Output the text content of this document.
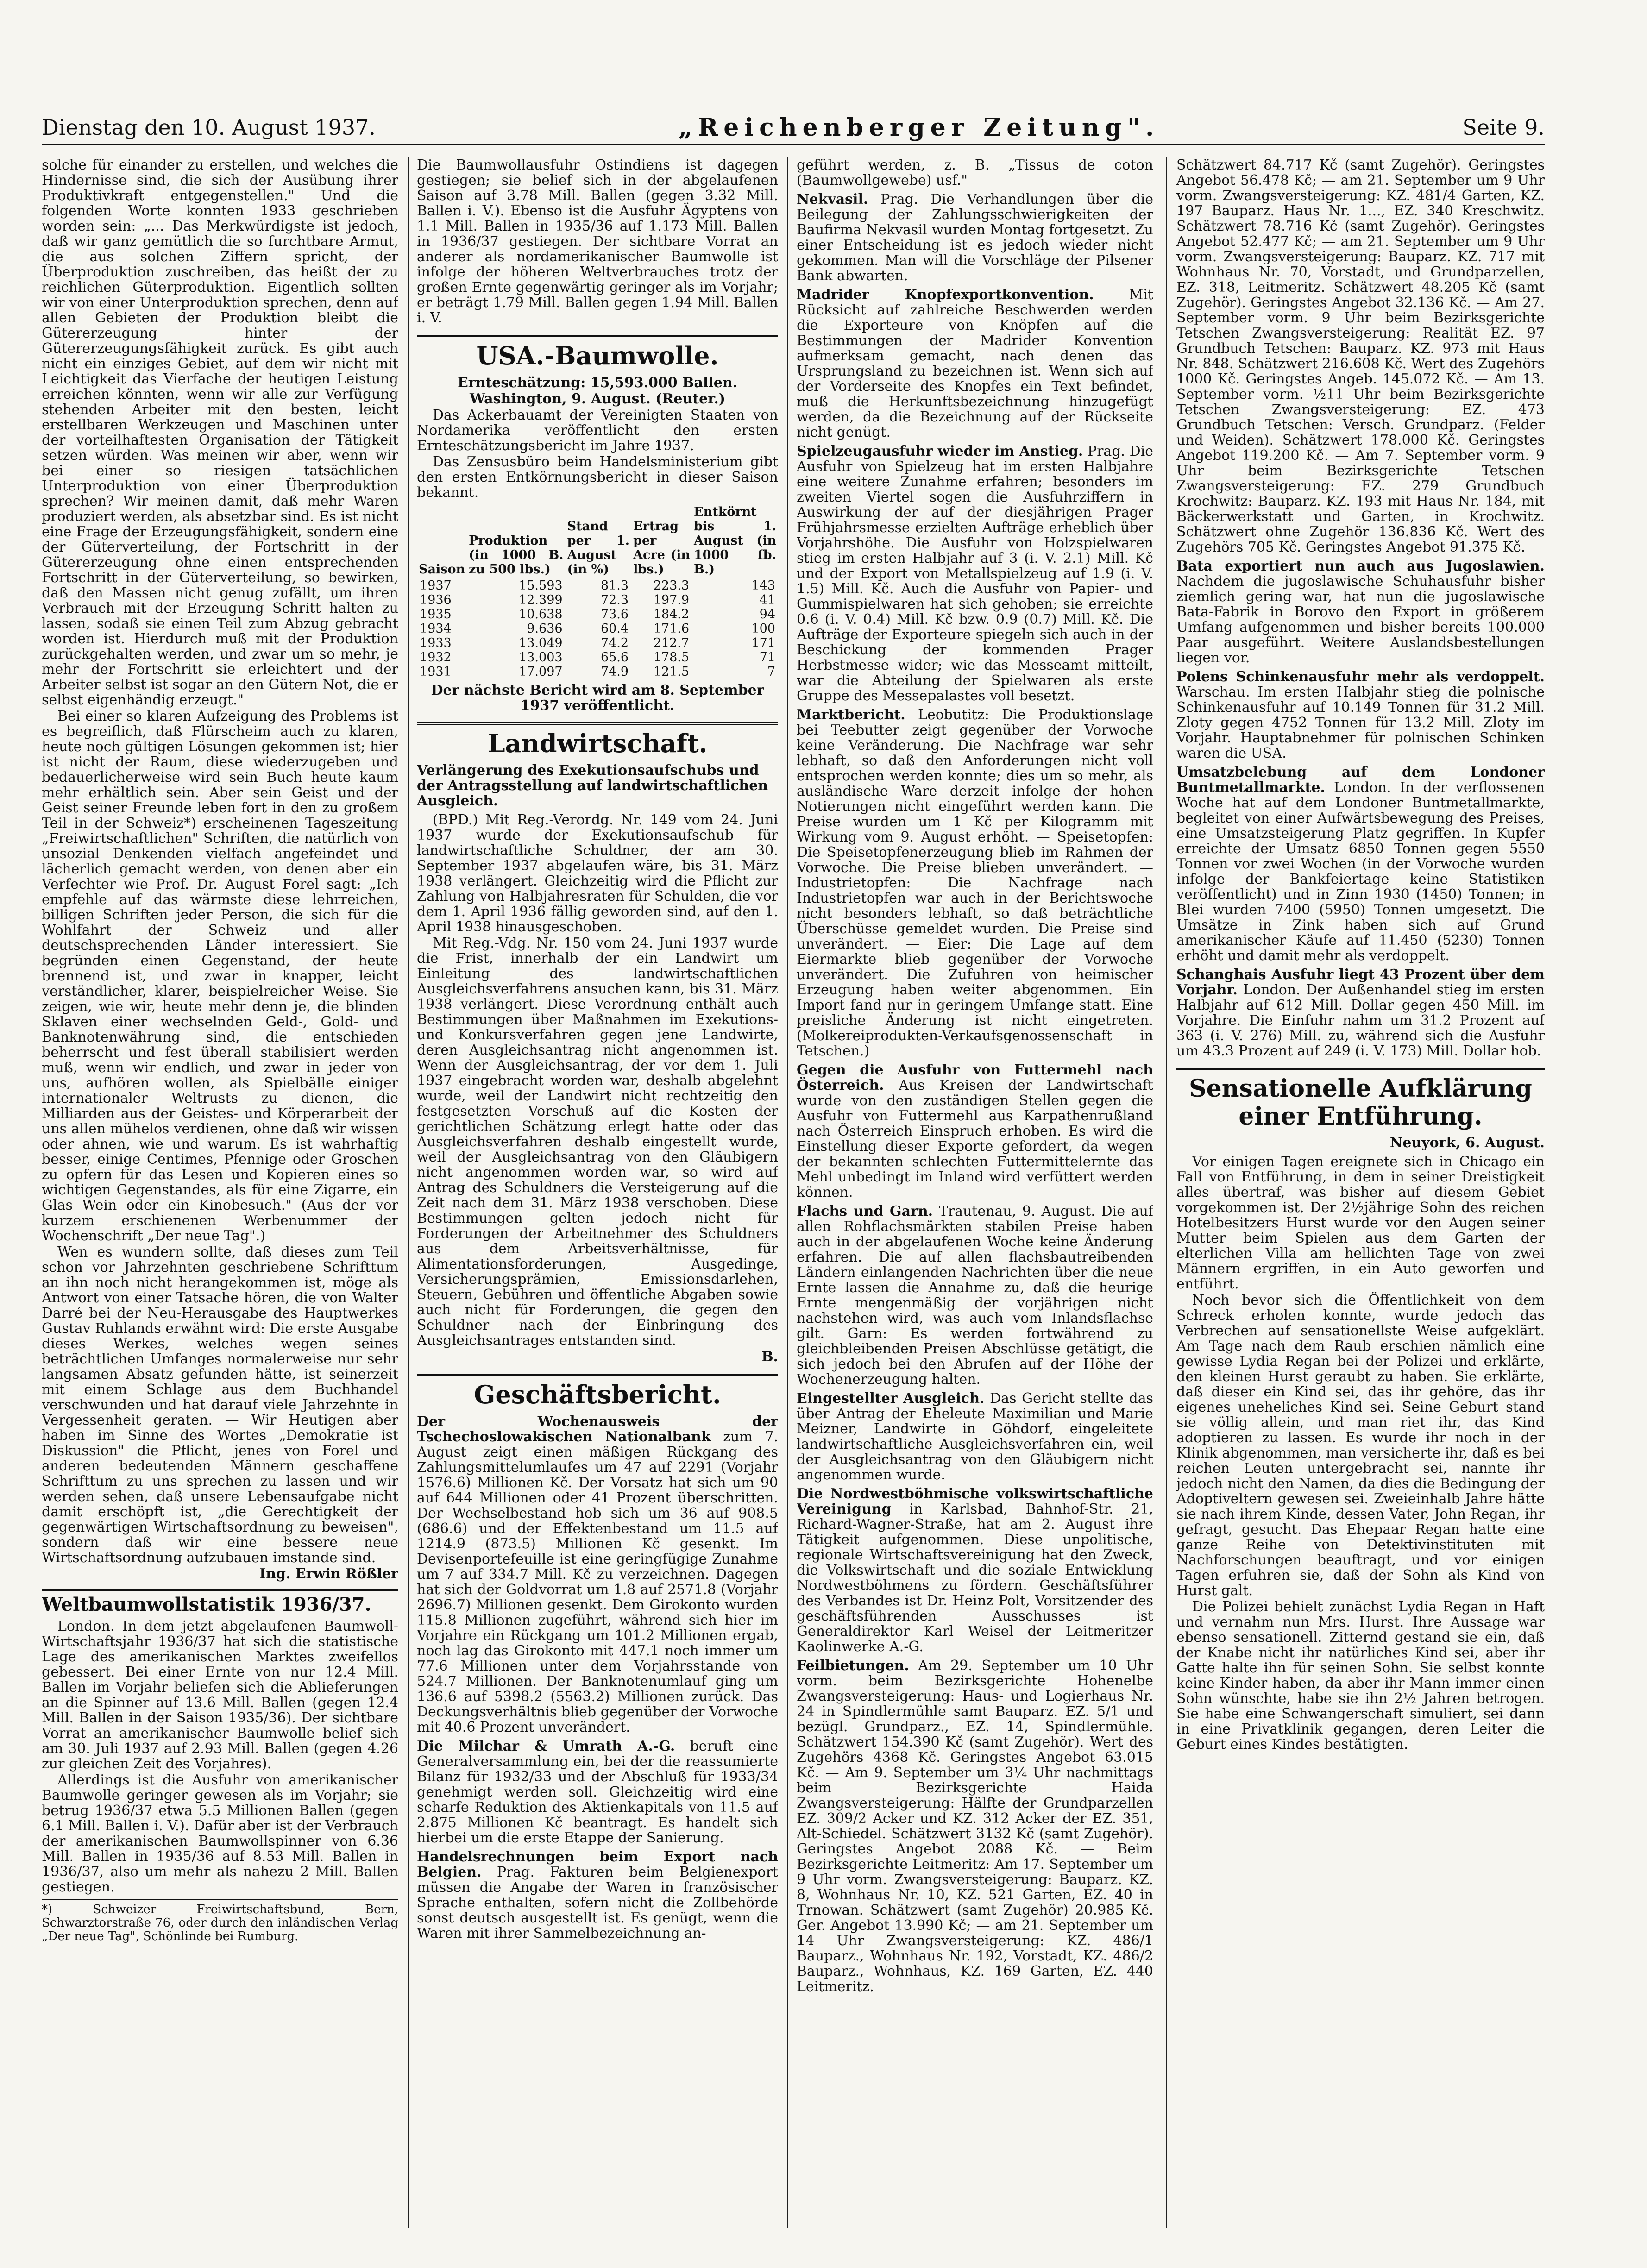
Dienstag den 10. August 1937.	„Reichenberger Zeitung".	Seite 9.

solche für einander zu erstellen, und welches die Hindernisse sind, die sich der Ausübung ihrer Produktivkraft entgegenstellen." Und die folgenden Worte konnten 1933 geschrieben worden sein: „... Das Merkwürdigste ist jedoch, daß wir ganz gemütlich die so furchtbare Armut, die aus solchen Ziffern spricht, der Überproduktion zuschreiben, das heißt der zu reichlichen Güterproduktion. Eigentlich sollten wir von einer Unterproduktion sprechen, denn auf allen Gebieten der Produktion bleibt die Gütererzeugung hinter der Gütererzeugungsfähigkeit zurück. Es gibt auch nicht ein einziges Gebiet, auf dem wir nicht mit Leichtigkeit das Vierfache der heutigen Leistung erreichen könnten, wenn wir alle zur Verfügung stehenden Arbeiter mit den besten, leicht erstellbaren Werkzeugen und Maschinen unter der vorteilhaftesten Organisation der Tätigkeit setzen würden. Was meinen wir aber, wenn wir bei einer so riesigen tatsächlichen Unterproduktion von einer Überproduktion sprechen? Wir meinen damit, daß mehr Waren produziert werden, als absetzbar sind. Es ist nicht eine Frage der Erzeugungsfähigkeit, sondern eine der Güterverteilung, der Fortschritt in der Gütererzeugung ohne einen entsprechenden Fortschritt in der Güterverteilung, so bewirken, daß den Massen nicht genug zufällt, um ihren Verbrauch mit der Erzeugung Schritt halten zu lassen, sodaß sie einen Teil zum Abzug gebracht worden ist. Hierdurch muß mit der Produktion zurückgehalten werden, und zwar um so mehr, je mehr der Fortschritt sie erleichtert und der Arbeiter selbst ist sogar an den Gütern Not, die er selbst eigenhändig erzeugt."

Bei einer so klaren Aufzeigung des Problems ist es begreiflich, daß Flürscheim auch zu klaren, heute noch gültigen Lösungen gekommen ist; hier ist nicht der Raum, diese wiederzugeben und bedauerlicherweise wird sein Buch heute kaum mehr erhältlich sein. Aber sein Geist und der Geist seiner Freunde leben fort in den zu großem Teil in der Schweiz*) erscheinenen Tageszeitung „Freiwirtschaftlichen" Schriften, die natürlich von unsozial Denkenden vielfach angefeindet und lächerlich gemacht werden, von denen aber ein Verfechter wie Prof. Dr. August Forel sagt: „Ich empfehle auf das wärmste diese lehrreichen, billigen Schriften jeder Person, die sich für die Wohlfahrt der Schweiz und aller deutschsprechenden Länder interessiert. Sie begründen einen Gegenstand, der heute brennend ist, und zwar in knapper, leicht verständlicher, klarer, beispielreicher Weise. Sie zeigen, wie wir, heute mehr denn je, die blinden Sklaven einer wechselnden Geld-, Gold- und Banknotenwährung sind, die entschieden beherrscht und fest überall stabilisiert werden muß, wenn wir endlich, und zwar in jeder von uns, aufhören wollen, als Spielbälle einiger internationaler Weltrusts zu dienen, die Milliarden aus der Geistes- und Körperarbeit der uns allen mühelos verdienen, ohne daß wir wissen oder ahnen, wie und warum. Es ist wahrhaftig besser, einige Centimes, Pfennige oder Groschen zu opfern für das Lesen und Kopieren eines so wichtigen Gegenstandes, als für eine Zigarre, ein Glas Wein oder ein Kinobesuch." (Aus der vor kurzem erschienenen Werbenummer der Wochenschrift „Der neue Tag".)

Wen es wundern sollte, daß dieses zum Teil schon vor Jahrzehnten geschriebene Schrifttum an ihn noch nicht herangekommen ist, möge als Antwort von einer Tatsache hören, die von Walter Darré bei der Neu-Herausgabe des Hauptwerkes Gustav Ruhlands erwähnt wird: Die erste Ausgabe dieses Werkes, welches wegen seines beträchtlichen Umfanges normalerweise nur sehr langsamen Absatz gefunden hätte, ist seinerzeit mit einem Schlage aus dem Buchhandel verschwunden und hat darauf viele Jahrzehnte in Vergessenheit geraten. — Wir Heutigen aber haben im Sinne des Wortes „Demokratie ist Diskussion" die Pflicht, jenes von Forel und anderen bedeutenden Männern geschaffene Schrifttum zu uns sprechen zu lassen und wir werden sehen, daß unsere Lebensaufgabe nicht damit erschöpft ist, „die Gerechtigkeit der gegenwärtigen Wirtschaftsordnung zu beweisen", sondern daß wir eine bessere neue Wirtschaftsordnung aufzubauen imstande sind.

Ing. Erwin Rößler

Weltbaumwollstatistik 1936/37.

London. In dem jetzt abgelaufenen Baumwoll-Wirtschaftsjahr 1936/37 hat sich die statistische Lage des amerikanischen Marktes zweifellos gebessert. Bei einer Ernte von nur 12.4 Mill. Ballen im Vorjahr beliefen sich die Ablieferungen an die Spinner auf 13.6 Mill. Ballen (gegen 12.4 Mill. Ballen in der Saison 1935/36). Der sichtbare Vorrat an amerikanischer Baumwolle belief sich am 30. Juli 1937 auf 2.93 Mill. Ballen (gegen 4.26 zur gleichen Zeit des Vorjahres).

Allerdings ist die Ausfuhr von amerikanischer Baumwolle geringer gewesen als im Vorjahr; sie betrug 1936/37 etwa 5.5 Millionen Ballen (gegen 6.1 Mill. Ballen i. V.). Dafür aber ist der Verbrauch der amerikanischen Baumwollspinner von 6.36 Mill. Ballen in 1935/36 auf 8.53 Mill. Ballen in 1936/37, also um mehr als nahezu 2 Mill. Ballen gestiegen.

*) Schweizer Freiwirtschaftsbund, Bern, Schwarztorstraße 76, oder durch den inländischen Verlag „Der neue Tag", Schönlinde bei Rumburg.

Die Baumwollausfuhr Ostindiens ist dagegen gestiegen; sie belief sich in der abgelaufenen Saison auf 3.78 Mill. Ballen (gegen 3.32 Mill. Ballen i. V.). Ebenso ist die Ausfuhr Ägyptens von 1.1 Mill. Ballen in 1935/36 auf 1.173 Mill. Ballen in 1936/37 gestiegen. Der sichtbare Vorrat an anderer als nordamerikanischer Baumwolle ist infolge der höheren Weltverbrauches trotz der großen Ernte gegenwärtig geringer als im Vorjahr; er beträgt 1.79 Mill. Ballen gegen 1.94 Mill. Ballen i. V.

USA.-Baumwolle.

Ernteschätzung: 15,593.000 Ballen.

Washington, 9. August. (Reuter.)

Das Ackerbauamt der Vereinigten Staaten von Nordamerika veröffentlicht den ersten Ernteschätzungsbericht im Jahre 1937.

Das Zensusbüro beim Handelsministerium gibt den ersten Entkörnungsbericht in dieser Saison bekannt.

Saison	Produktion (in 1000 B. zu 500 lbs.)	Stand per 1. August (in %)	Ertrag per Acre (in lbs.)	Entkörnt bis 1. August (in 1000 fb. B.)
1937	15.593	81.3	223.3	143
1936	12.399	72.3	197.9	41
1935	10.638	73.6	184.2	94
1934	9.636	60.4	171.6	100
1933	13.049	74.2	212.7	171
1932	13.003	65.6	178.5	71
1931	17.097	74.9	121.5	7

Der nächste Bericht wird am 8. September 1937 veröffentlicht.

Landwirtschaft.

Verlängerung des Exekutionsaufschubs und der Antragsstellung auf landwirtschaftlichen Ausgleich.

(BPD.) Mit Reg.-Verordg. Nr. 149 vom 24. Juni 1937 wurde der Exekutionsaufschub für landwirtschaftliche Schuldner, der am 30. September 1937 abgelaufen wäre, bis 31. März 1938 verlängert. Gleichzeitig wird die Pflicht zur Zahlung von Halbjahresraten für Schulden, die vor dem 1. April 1936 fällig geworden sind, auf den 1. April 1938 hinausgeschoben.

Mit Reg.-Vdg. Nr. 150 vom 24. Juni 1937 wurde die Frist, innerhalb der ein Landwirt um Einleitung des landwirtschaftlichen Ausgleichsverfahrens ansuchen kann, bis 31. März 1938 verlängert. Diese Verordnung enthält auch Bestimmungen über Maßnahmen im Exekutions- und Konkursverfahren gegen jene Landwirte, deren Ausgleichsantrag nicht angenommen ist. Wenn der Ausgleichsantrag, der vor dem 1. Juli 1937 eingebracht worden war, deshalb abgelehnt wurde, weil der Landwirt nicht rechtzeitig den festgesetzten Vorschuß auf die Kosten der gerichtlichen Schätzung erlegt hatte oder das Ausgleichsverfahren deshalb eingestellt wurde, weil der Ausgleichsantrag von den Gläubigern nicht angenommen worden war, so wird auf Antrag des Schuldners die Versteigerung auf die Zeit nach dem 31. März 1938 verschoben. Diese Bestimmungen gelten jedoch nicht für Forderungen der Arbeitnehmer des Schuldners aus dem Arbeitsverhältnisse, für Alimentationsforderungen, Ausgedinge, Versicherungsprämien, Emissionsdarlehen, Steuern, Gebühren und öffentliche Abgaben sowie auch nicht für Forderungen, die gegen den Schuldner nach der Einbringung des Ausgleichsantrages entstanden sind.

B.

Geschäftsbericht.

Der Wochenausweis der Tschechoslowakischen Nationalbank zum 7. August zeigt einen mäßigen Rückgang des Zahlungsmittelumlaufes um 47 auf 2291 (Vorjahr 1576.6) Millionen Kč. Der Vorsatz hat sich um 90 auf 644 Millionen oder 41 Prozent überschritten. Der Wechselbestand hob sich um 36 auf 908.5 (686.6) und der Effektenbestand um 11.5 auf 1214.9 (873.5) Millionen Kč gesenkt. Im Devisenportefeuille ist eine geringfügige Zunahme um 7 auf 334.7 Mill. Kč zu verzeichnen. Dagegen hat sich der Goldvorrat um 1.8 auf 2571.8 (Vorjahr 2696.7) Millionen gesenkt. Dem Girokonto wurden 115.8 Millionen zugeführt, während sich hier im Vorjahre ein Rückgang um 101.2 Millionen ergab, noch lag das Girokonto mit 447.1 noch immer um 77.6 Millionen unter dem Vorjahrsstande von 524.7 Millionen. Der Banknotenumlauf ging um 136.6 auf 5398.2 (5563.2) Millionen zurück. Das Deckungsverhältnis blieb gegenüber der Vorwoche mit 40.6 Prozent unverändert.

Die Milchar & Umrath A.-G. beruft eine Generalversammlung ein, bei der die reassumierte Bilanz für 1932/33 und der Abschluß für 1933/34 genehmigt werden soll. Gleichzeitig wird eine scharfe Reduktion des Aktienkapitals von 11.5 auf 2.875 Millionen Kč beantragt. Es handelt sich hierbei um die erste Etappe der Sanierung.

Handelsrechnungen beim Export nach Belgien. Prag. Fakturen beim Belgienexport müssen die Angabe der Waren in französischer Sprache enthalten, sofern nicht die Zollbehörde sonst deutsch ausgestellt ist. Es genügt, wenn die Waren mit ihrer Sammelbezeichnung an-

geführt werden, z. B. „Tissus de coton (Baumwollgewebe) usf."

Nekvasil. Prag. Die Verhandlungen über die Beilegung der Zahlungsschwierigkeiten der Baufirma Nekvasil wurden Montag fortgesetzt. Zu einer Entscheidung ist es jedoch wieder nicht gekommen. Man will die Vorschläge der Pilsener Bank abwarten.

Madrider Knopfexportkonvention.	Mit Rücksicht auf zahlreiche Beschwerden werden die Exporteure von Knöpfen auf die Bestimmungen der Madrider Konvention aufmerksam gemacht, nach denen das Ursprungsland zu bezeichnen ist. Wenn sich auf der Vorderseite des Knopfes ein Text befindet, muß die Herkunftsbezeichnung hinzugefügt werden, da die Bezeichnung auf der Rückseite nicht genügt.

Spielzeugausfuhr wieder im Anstieg. Prag. Die Ausfuhr von Spielzeug hat im ersten Halbjahre eine weitere Zunahme erfahren; besonders im zweiten Viertel sogen die Ausfuhrziffern in Auswirkung der auf der diesjährigen Prager Frühjahrsmesse erzielten Aufträge erheblich über Vorjahrshöhe. Die Ausfuhr von Holzspielwaren stieg im ersten Halbjahr auf 3 (i. V. 2.1) Mill. Kč und der Export von Metallspielzeug auf 1.9 (i. V. 1.5) Mill. Kč. Auch die Ausfuhr von Papier- und Gummispielwaren hat sich gehoben; sie erreichte 0.6 (i. V. 0.4) Mill. Kč bzw. 0.9 (0.7) Mill. Kč. Die Aufträge der Exporteure spiegeln sich auch in der Beschickung der kommenden Prager Herbstmesse wider; wie das Messeamt mitteilt, war die Abteilung der Spielwaren als erste Gruppe des Messepalastes voll besetzt.

Marktbericht. Leobutitz: Die Produktionslage bei Teebutter zeigt gegenüber der Vorwoche keine Veränderung. Die Nachfrage war sehr lebhaft, so daß den Anforderungen nicht voll entsprochen werden konnte; dies um so mehr, als ausländische Ware derzeit infolge der hohen Notierungen nicht eingeführt werden kann. Die Preise wurden um 1 Kč per Kilogramm mit Wirkung vom 9. August erhöht. — Speisetopfen: Die Speisetopfenerzeugung blieb im Rahmen der Vorwoche. Die Preise blieben unverändert. — Industrietopfen: Die Nachfrage nach Industrietopfen war auch in der Berichtswoche nicht besonders lebhaft, so daß beträchtliche Überschüsse gemeldet wurden. Die Preise sind unverändert. — Eier: Die Lage auf dem Eiermarkte blieb gegenüber der Vorwoche unverändert. Die Zufuhren von heimischer Erzeugung haben weiter abgenommen. Ein Import fand nur in geringem Umfange statt. Eine preisliche Änderung ist nicht eingetreten. (Molkereiprodukten-Verkaufsgenossenschaft in Tetschen.)

Gegen die Ausfuhr von Futtermehl nach Österreich. Aus Kreisen der Landwirtschaft wurde von den zuständigen Stellen gegen die Ausfuhr von Futtermehl aus Karpathenrußland nach Österreich Einspruch erhoben. Es wird die Einstellung dieser Exporte gefordert, da wegen der bekannten schlechten Futtermittelernte das Mehl unbedingt im Inland wird verfüttert werden können.

Flachs und Garn. Trautenau, 9. August. Die auf allen Rohflachsmärkten stabilen Preise haben auch in der abgelaufenen Woche keine Änderung erfahren. Die auf allen flachsbautreibenden Ländern einlangenden Nachrichten über die neue Ernte lassen die Annahme zu, daß die heurige Ernte mengenmäßig der vorjährigen nicht nachstehen wird, was auch vom Inlandsflachse gilt. Garn: Es werden fortwährend zu gleichbleibenden Preisen Abschlüsse getätigt, die sich jedoch bei den Abrufen auf der Höhe der Wochenerzeugung halten.

Eingestellter Ausgleich. Das Gericht stellte das über Antrag der Eheleute Maximilian und Marie Meizner, Landwirte in Göhdorf, eingeleitete landwirtschaftliche Ausgleichsverfahren ein, weil der Ausgleichsantrag von den Gläubigern nicht angenommen wurde.

Die Nordwestböhmische volkswirtschaftliche Vereinigung in Karlsbad, Bahnhof-Str. 21, Richard-Wagner-Straße, hat am 2. August ihre Tätigkeit aufgenommen. Diese unpolitische, regionale Wirtschaftsvereinigung hat den Zweck, die Volkswirtschaft und die soziale Entwicklung Nordwestböhmens zu fördern. Geschäftsführer des Verbandes ist Dr. Heinz Polt, Vorsitzender des geschäftsführenden Ausschusses ist Generaldirektor Karl Weisel der Leitmeritzer Kaolinwerke A.-G.

Feilbietungen. Am 29. September um 10 Uhr vorm. beim Bezirksgerichte Hohenelbe Zwangsversteigerung: Haus- und Logierhaus Nr. 24 in Spindlermühle samt Bauparz. EZ. 5/1 und bezügl. Grundparz., EZ. 14, Spindlermühle. Schätzwert 154.390 Kč (samt Zugehör). Wert des Zugehörs 4368 Kč. Geringstes Angebot 63.015 Kč. — Am 9. September um 3¼ Uhr nachmittags beim Bezirksgerichte Haida Zwangsversteigerung: Hälfte der Grundparzellen EZ. 309/2 Acker und KZ. 312 Acker der EZ. 351, Alt-Schiedel. Schätzwert 3132 Kč (samt Zugehör). Geringstes Angebot 2088 Kč. — Beim Bezirksgerichte Leitmeritz: Am 17. September um 9 Uhr vorm. Zwangsversteigerung: Bauparz. KZ. 8, Wohnhaus Nr. 10, KZ. 521 Garten, EZ. 40 in Trnowan. Schätzwert (samt Zugehör) 20.985 Kč. Ger. Angebot 13.990 Kč; — am 21. September um 14 Uhr Zwangsversteigerung: KZ. 486/1 Bauparz., Wohnhaus Nr. 192, Vorstadt, KZ. 486/2 Bauparz., Wohnhaus, KZ. 169 Garten, EZ. 440 Leitmeritz.

Schätzwert 84.717 Kč (samt Zugehör). Geringstes Angebot 56.478 Kč; — am 21. September um 9 Uhr vorm. Zwangsversteigerung: KZ. 481/4 Garten, KZ. 197 Bauparz. Haus Nr. 1..., EZ. 340 Kreschwitz. Schätzwert 78.716 Kč (samt Zugehör). Geringstes Angebot 52.477 Kč; — am 21. September um 9 Uhr vorm. Zwangsversteigerung: Bauparz. KZ. 717 mit Wohnhaus Nr. 70, Vorstadt, und Grundparzellen, EZ. 318, Leitmeritz. Schätzwert 48.205 Kč (samt Zugehör). Geringstes Angebot 32.136 Kč. — Am 27. September vorm. 9 Uhr beim Bezirksgerichte Tetschen Zwangsversteigerung: Realität EZ. 97 Grundbuch Tetschen: Bauparz. KZ. 973 mit Haus Nr. 848. Schätzwert 216.608 Kč. Wert des Zugehörs 1000 Kč. Geringstes Angeb. 145.072 Kč. — Am 13. September vorm. ½11 Uhr beim Bezirksgerichte Tetschen Zwangsversteigerung: EZ. 473 Grundbuch Tetschen: Versch. Grundparz. (Felder und Weiden). Schätzwert 178.000 Kč. Geringstes Angebot 119.200 Kč. — Am 7. September vorm. 9 Uhr beim Bezirksgerichte Tetschen Zwangsversteigerung: EZ. 279 Grundbuch Krochwitz: Bauparz. KZ. 193 mit Haus Nr. 184, mit Bäckerwerkstatt und Garten, in Krochwitz. Schätzwert ohne Zugehör 136.836 Kč. Wert des Zugehörs 705 Kč. Geringstes Angebot 91.375 Kč.

Bata exportiert nun auch aus Jugoslawien. Nachdem die jugoslawische Schuhausfuhr bisher ziemlich gering war, hat nun die jugoslawische Bata-Fabrik in Borovo den Export in größerem Umfang aufgenommen und bisher bereits 100.000 Paar ausgeführt. Weitere Auslandsbestellungen liegen vor.

Polens Schinkenausfuhr mehr als verdoppelt. Warschau. Im ersten Halbjahr stieg die polnische Schinkenausfuhr auf 10.149 Tonnen für 31.2 Mill. Zloty gegen 4752 Tonnen für 13.2 Mill. Zloty im Vorjahr. Hauptabnehmer für polnischen Schinken waren die USA.

Umsatzbelebung auf dem Londoner Buntmetallmarkte. London. In der verflossenen Woche hat auf dem Londoner Buntmetallmarkte, begleitet von einer Aufwärtsbewegung des Preises, eine Umsatzsteigerung Platz gegriffen. In Kupfer erreichte der Umsatz 6850 Tonnen gegen 5550 Tonnen vor zwei Wochen (in der Vorwoche wurden infolge der Bankfeiertage keine Statistiken veröffentlicht) und in Zinn 1930 (1450) Tonnen; in Blei wurden 7400 (5950) Tonnen umgesetzt. Die Umsätze in Zink haben sich auf Grund amerikanischer Käufe auf 11.450 (5230) Tonnen erhöht und damit mehr als verdoppelt.

Schanghais Ausfuhr liegt 43 Prozent über dem Vorjahr. London. Der Außenhandel stieg im ersten Halbjahr auf 612 Mill. Dollar gegen 450 Mill. im Vorjahre. Die Einfuhr nahm um 31.2 Prozent auf 363 (i. V. 276) Mill. zu, während sich die Ausfuhr um 43.3 Prozent auf 249 (i. V. 173) Mill. Dollar hob.

Sensationelle Aufklärung einer Entführung.

Neuyork, 6. August.

Vor einigen Tagen ereignete sich in Chicago ein Fall von Entführung, in dem in seiner Dreistigkeit alles übertraf, was bisher auf diesem Gebiet vorgekommen ist. Der 2½jährige Sohn des reichen Hotelbesitzers Hurst wurde vor den Augen seiner Mutter beim Spielen aus dem Garten der elterlichen Villa am hellichten Tage von zwei Männern ergriffen, in ein Auto geworfen und entführt.

Noch bevor sich die Öffentlichkeit von dem Schreck erholen konnte, wurde jedoch das Verbrechen auf sensationellste Weise aufgeklärt. Am Tage nach dem Raub erschien nämlich eine gewisse Lydia Regan bei der Polizei und erklärte, den kleinen Hurst geraubt zu haben. Sie erklärte, daß dieser ein Kind sei, das ihr gehöre, das ihr eigenes uneheliches Kind sei. Seine Geburt stand sie völlig allein, und man riet ihr, das Kind adoptieren zu lassen. Es wurde ihr noch in der Klinik abgenommen, man versicherte ihr, daß es bei reichen Leuten untergebracht sei, nannte ihr jedoch nicht den Namen, da dies die Bedingung der Adoptiveltern gewesen sei. Zweieinhalb Jahre hätte sie nach ihrem Kinde, dessen Vater, John Regan, ihr gefragt, gesucht. Das Ehepaar Regan hatte eine ganze Reihe von Detektivinstituten mit Nachforschungen beauftragt, und vor einigen Tagen erfuhren sie, daß der Sohn als Kind von Hurst galt.

Die Polizei behielt zunächst Lydia Regan in Haft und vernahm nun Mrs. Hurst. Ihre Aussage war ebenso sensationell. Zitternd gestand sie ein, daß der Knabe nicht ihr natürliches Kind sei, aber ihr Gatte halte ihn für seinen Sohn. Sie selbst konnte keine Kinder haben, da aber ihr Mann immer einen Sohn wünschte, habe sie ihn 2½ Jahren betrogen. Sie habe eine Schwangerschaft simuliert, sei dann in eine Privatklinik gegangen, deren Leiter die Geburt eines Kindes bestätigten.
